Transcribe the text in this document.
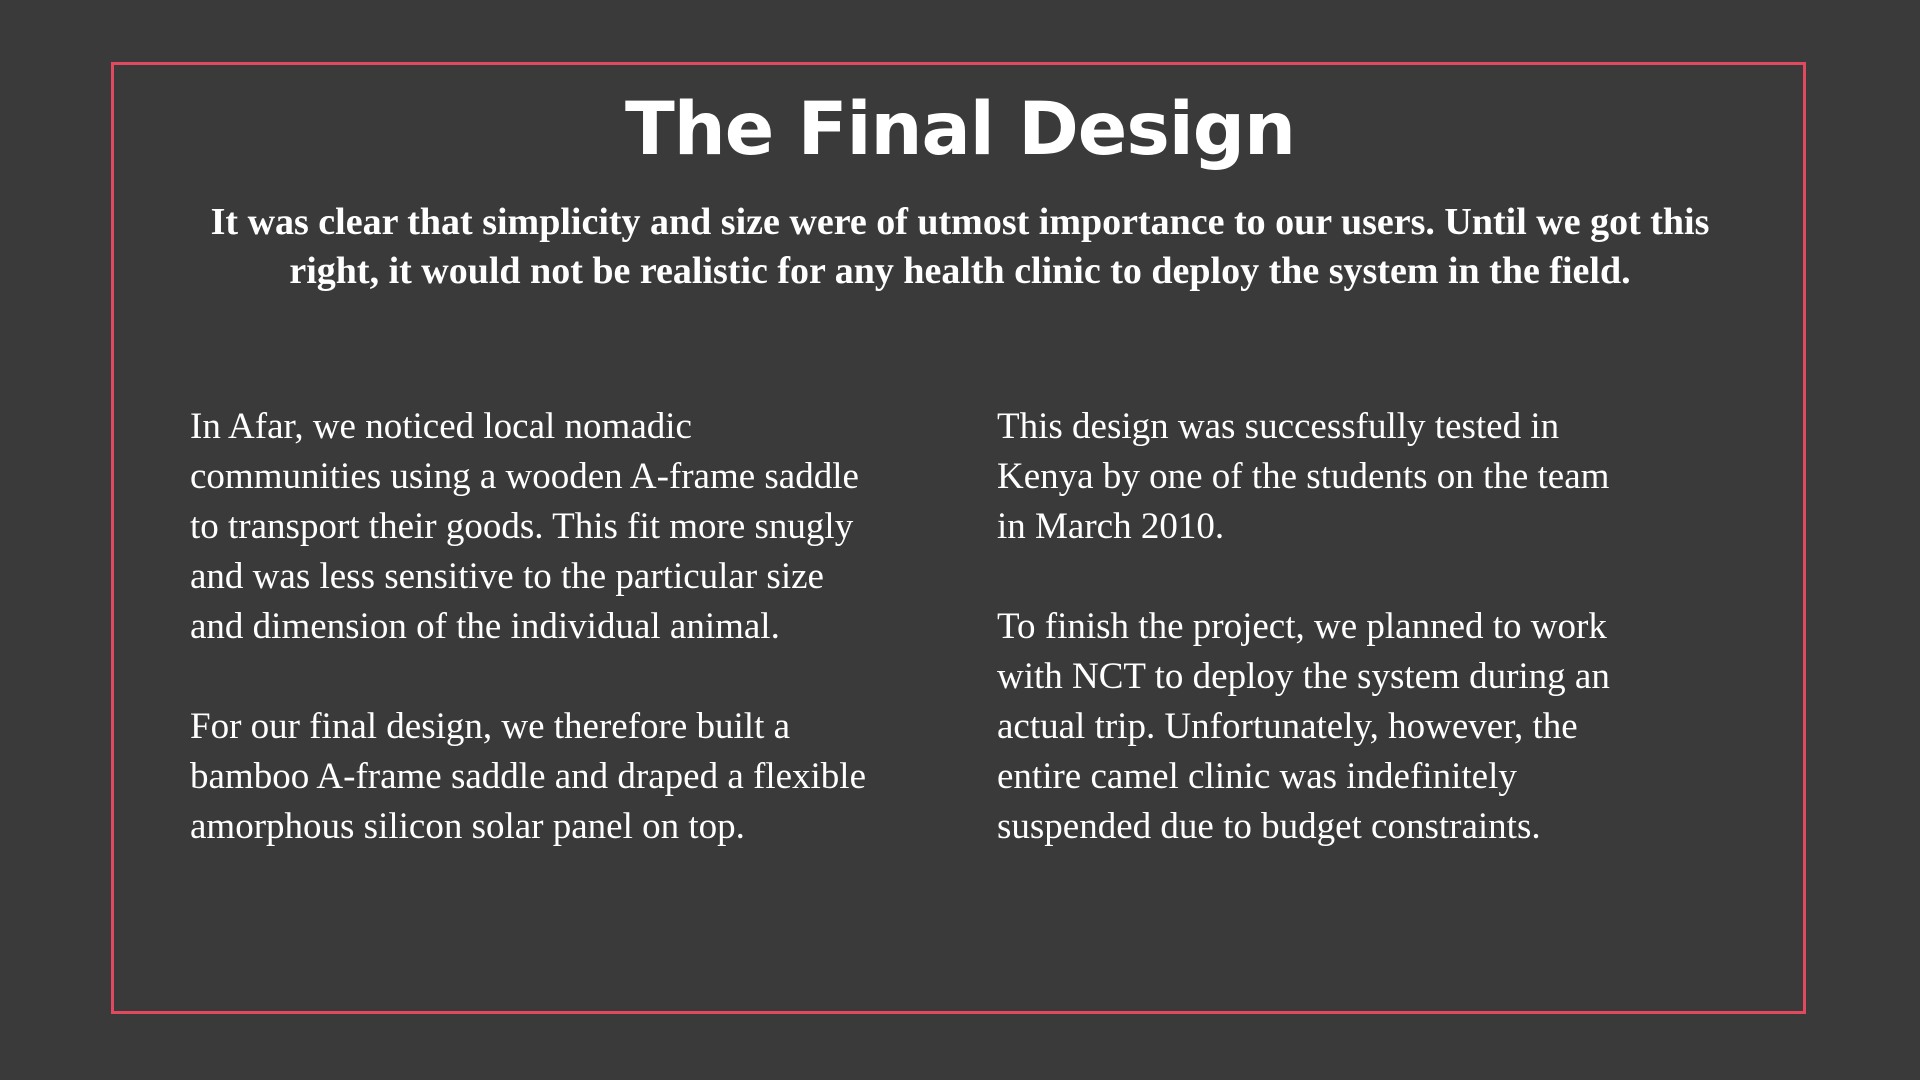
The Final Design

It was clear that simplicity and size were of utmost importance to our users. Until we got this right, it would not be realistic for any health clinic to deploy the system in the field.

In Afar, we noticed local nomadic
communities using a wooden A-frame saddle
to transport their goods. This fit more snugly
and was less sensitive to the particular size
and dimension of the individual animal.

For our final design, we therefore built a
bamboo A-frame saddle and draped a flexible
amorphous silicon solar panel on top.

This design was successfully tested in
Kenya by one of the students on the team
in March 2010.

To finish the project, we planned to work
with NCT to deploy the system during an
actual trip. Unfortunately, however, the
entire camel clinic was indefinitely
suspended due to budget constraints.
